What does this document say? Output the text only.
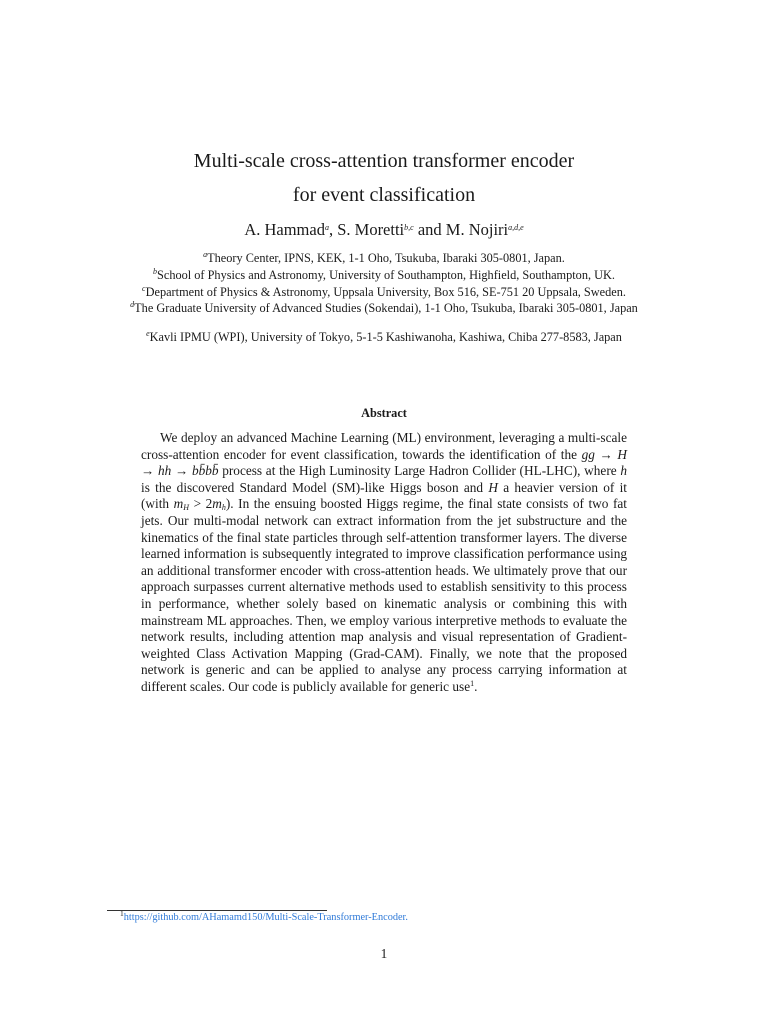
Multi-scale cross-attention transformer encoder
for event classification
A. Hammad$^a$, S. Moretti$^{b,c}$ and M. Nojiri$^{a,d,e}$
$^a$Theory Center, IPNS, KEK, 1-1 Oho, Tsukuba, Ibaraki 305-0801, Japan.
$^b$School of Physics and Astronomy, University of Southampton, Highfield, Southampton, UK.
$^c$Department of Physics & Astronomy, Uppsala University, Box 516, SE-751 20 Uppsala, Sweden.
$^d$The Graduate University of Advanced Studies (Sokendai), 1-1 Oho, Tsukuba, Ibaraki 305-0801, Japan
$^e$Kavli IPMU (WPI), University of Tokyo, 5-1-5 Kashiwanoha, Kashiwa, Chiba 277-8583, Japan
Abstract

We deploy an advanced Machine Learning (ML) environment, leveraging a multi-scale cross-attention encoder for event classification, towards the identification of the gg → H → hh → bb̄bb̄ process at the High Luminosity Large Hadron Collider (HL-LHC), where h is the discovered Standard Model (SM)-like Higgs boson and H a heavier version of it (with $m_H > 2m_h$). In the ensuing boosted Higgs regime, the final state consists of two fat jets. Our multi-modal network can extract information from the jet substructure and the kinematics of the final state particles through self-attention transformer layers. The diverse learned information is subsequently integrated to improve classification performance using an additional transformer encoder with cross-attention heads. We ultimately prove that our approach surpasses current alternative methods used to establish sensitivity to this process in performance, whether solely based on kinematic analysis or combining this with mainstream ML approaches. Then, we employ various interpretive methods to evaluate the network results, including attention map analysis and visual representation of Gradient-weighted Class Activation Mapping (Grad-CAM). Finally, we note that the proposed network is generic and can be applied to analyse any process carrying information at different scales. Our code is publicly available for generic use$^1$.

$^1$https://github.com/AHamamd150/Multi-Scale-Transformer-Encoder.
1
